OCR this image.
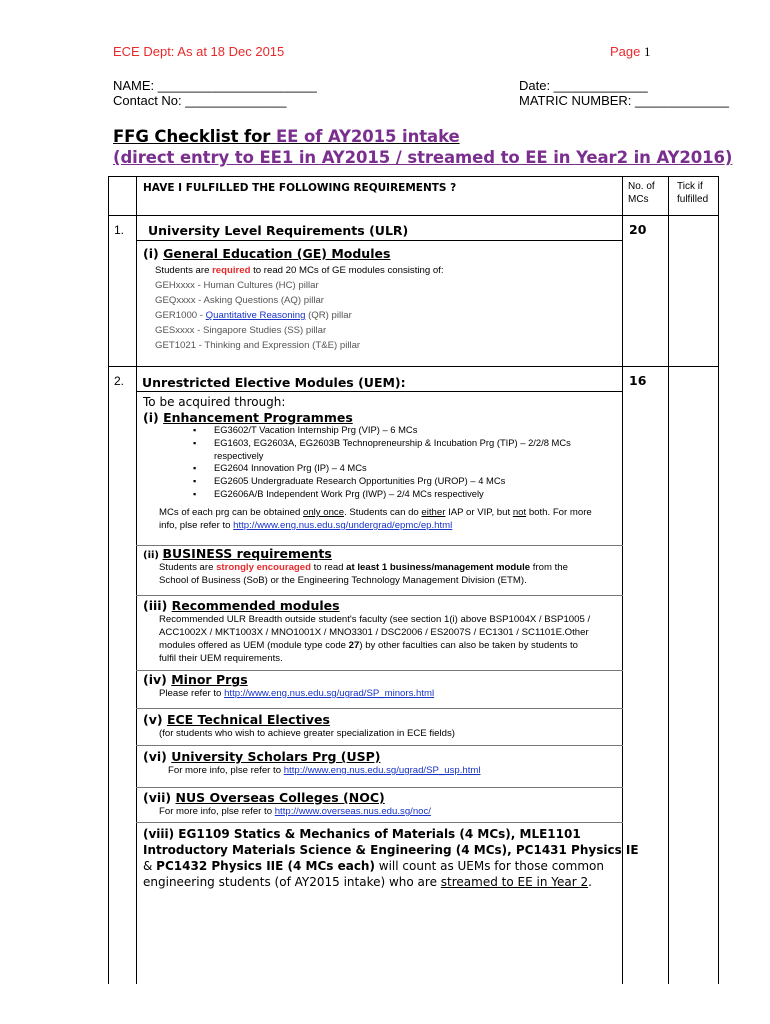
ECE Dept: As at 18 Dec 2015	Page 1
NAME: ______________________
Contact No: ______________
Date: _____________
MATRIC NUMBER: _____________
FFG Checklist for EE of AY2015 intake
(direct entry to EE1 in AY2015 / streamed to EE in Year2 in AY2016)
HAVE I FULFILLED THE FOLLOWING REQUIREMENTS ?	No. of MCs
Tick if fulfilled
1. University Level Requirements (ULR)	20
(i) General Education (GE) Modules
Students are required to read 20 MCs of GE modules consisting of:
GEHxxxx - Human Cultures (HC) pillar
GEQxxxx - Asking Questions (AQ) pillar
GER1000 - Quantitative Reasoning (QR) pillar
GESxxxx - Singapore Studies (SS) pillar
GET1021 - Thinking and Expression (T&E) pillar
2. Unrestricted Elective Modules (UEM):	16
To be acquired through:
(i) Enhancement Programmes
▪ EG3602/T Vacation Internship Prg (VIP) – 6 MCs
▪ EG1603, EG2603A, EG2603B Technopreneurship & Incubation Prg (TIP) – 2/2/8 MCs
respectively
▪ EG2604 Innovation Prg (IP) – 4 MCs
▪ EG2605 Undergraduate Research Opportunities Prg (UROP) – 4 MCs
▪ EG2606A/B Independent Work Prg (IWP) – 2/4 MCs respectively
MCs of each prg can be obtained only once. Students can do either IAP or VIP, but not both. For more
info, plse refer to http://www.eng.nus.edu.sg/undergrad/epmc/ep.html
(ii) BUSINESS requirements
Students are strongly encouraged to read at least 1 business/management module from the
School of Business (SoB) or the Engineering Technology Management Division (ETM).
(iii) Recommended modules
Recommended ULR Breadth outside student's faculty (see section 1(i) above BSP1004X / BSP1005 /
ACC1002X / MKT1003X / MNO1001X / MNO3301 / DSC2006 / ES2007S / EC1301 / SC1101E.Other
modules offered as UEM (module type code 27) by other faculties can also be taken by students to
fulfil their UEM requirements.
(iv) Minor Prgs
Please refer to http://www.eng.nus.edu.sg/ugrad/SP_minors.html
(v) ECE Technical Electives
(for students who wish to achieve greater specialization in ECE fields)
(vi) University Scholars Prg (USP)
For more info, plse refer to http://www.eng.nus.edu.sg/ugrad/SP_usp.html
(vii) NUS Overseas Colleges (NOC)
For more info, plse refer to http://www.overseas.nus.edu.sg/noc/
(viii) EG1109 Statics & Mechanics of Materials (4 MCs), MLE1101
Introductory Materials Science & Engineering (4 MCs), PC1431 Physics IE
& PC1432 Physics IIE (4 MCs each) will count as UEMs for those common
engineering students (of AY2015 intake) who are streamed to EE in Year 2.
